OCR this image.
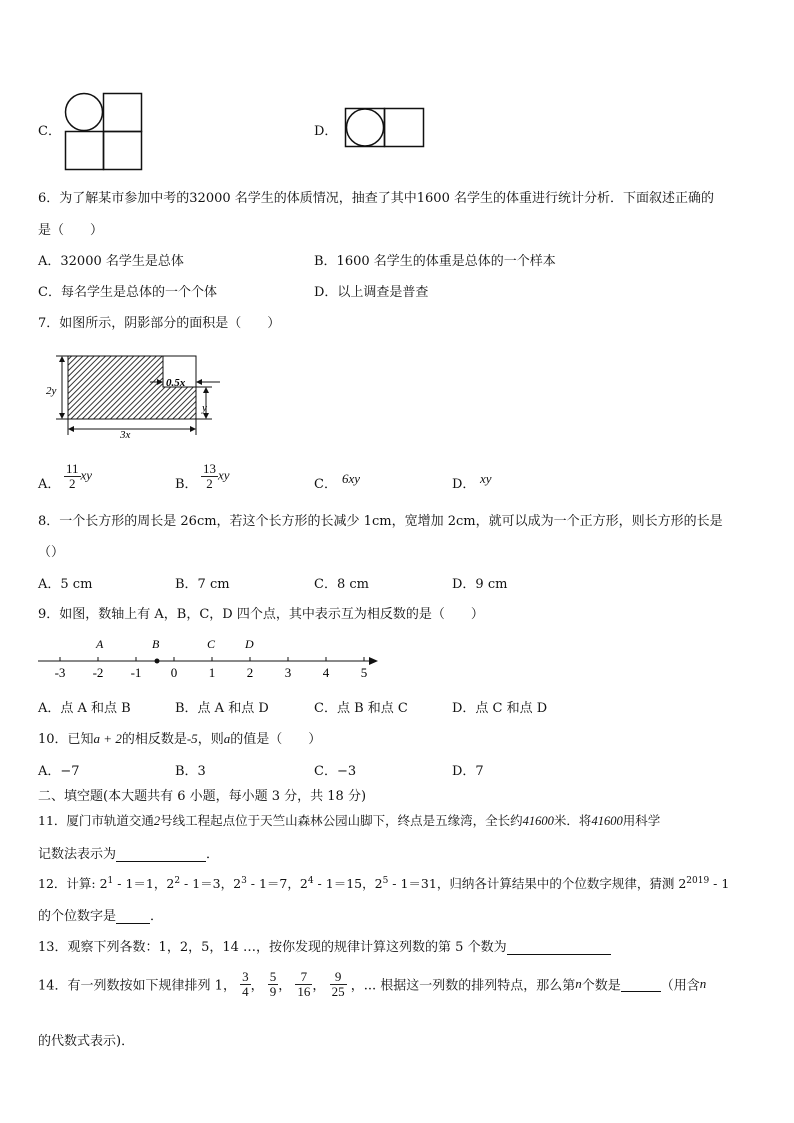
C．	D．
6．为了解某市参加中考的32000 名学生的体质情况，抽查了其中1600 名学生的体重进行统计分析．下面叙述正确的
是（　　）
A．32000 名学生是总体	B．1600 名学生的体重是总体的一个样本
C．每名学生是总体的一个个体	D．以上调查是普查
7．如图所示，阴影部分的面积是（　　）
2y
0.5x
y
3x
A． $\frac{11}{2}$ xy
B． $\frac{13}{2}$ xy
C． 6xy	D． xy
8．一个长方形的周长是 26cm，若这个长方形的长减少 1cm，宽增加 2cm，就可以成为一个正方形，则长方形的长是
（）
A．5 cm	B．7 cm	C．8 cm	D．9 cm
9．如图，数轴上有 A，B，C，D 四个点，其中表示互为相反数的是（　　）
-3 -2 -1 0 1 2 3 4 5
A	B	C D
A．点 A 和点 B	B．点 A 和点 D	C．点 B 和点 C	D．点 C 和点 D
10．已知a + 2的相反数是-5，则a的值是（　　）
A．−7	B．3	C．−3	D．7
二、填空题(本大题共有 6 小题，每小题 3 分，共 18 分)
11．厦门市轨道交通2号线工程起点位于天竺山森林公园山脚下，终点是五缘湾，全长约41600米．将41600用科学
记数法表示为	．
12．计算: $2^1 - 1=1$，$2^2 - 1=3$，$2^3 - 1=7$，$2^4 - 1=15$，$2^5 - 1=31$，归纳各计算结果中的个位数字规律，猜测 $2^{2019} - 1$
的个位数字是	．
13．观察下列各数：1，2，5，14 …，按你发现的规律计算这列数的第 5 个数为
14．有一列数按如下规律排列 1， $\frac{3}{4}$ ， $\frac{5}{9}$ ， $\frac{7}{16}$ ， $\frac{9}{25}$ ，... 根据这一列数的排列特点，那么第n个数是	（用含n
的代数式表示)．
